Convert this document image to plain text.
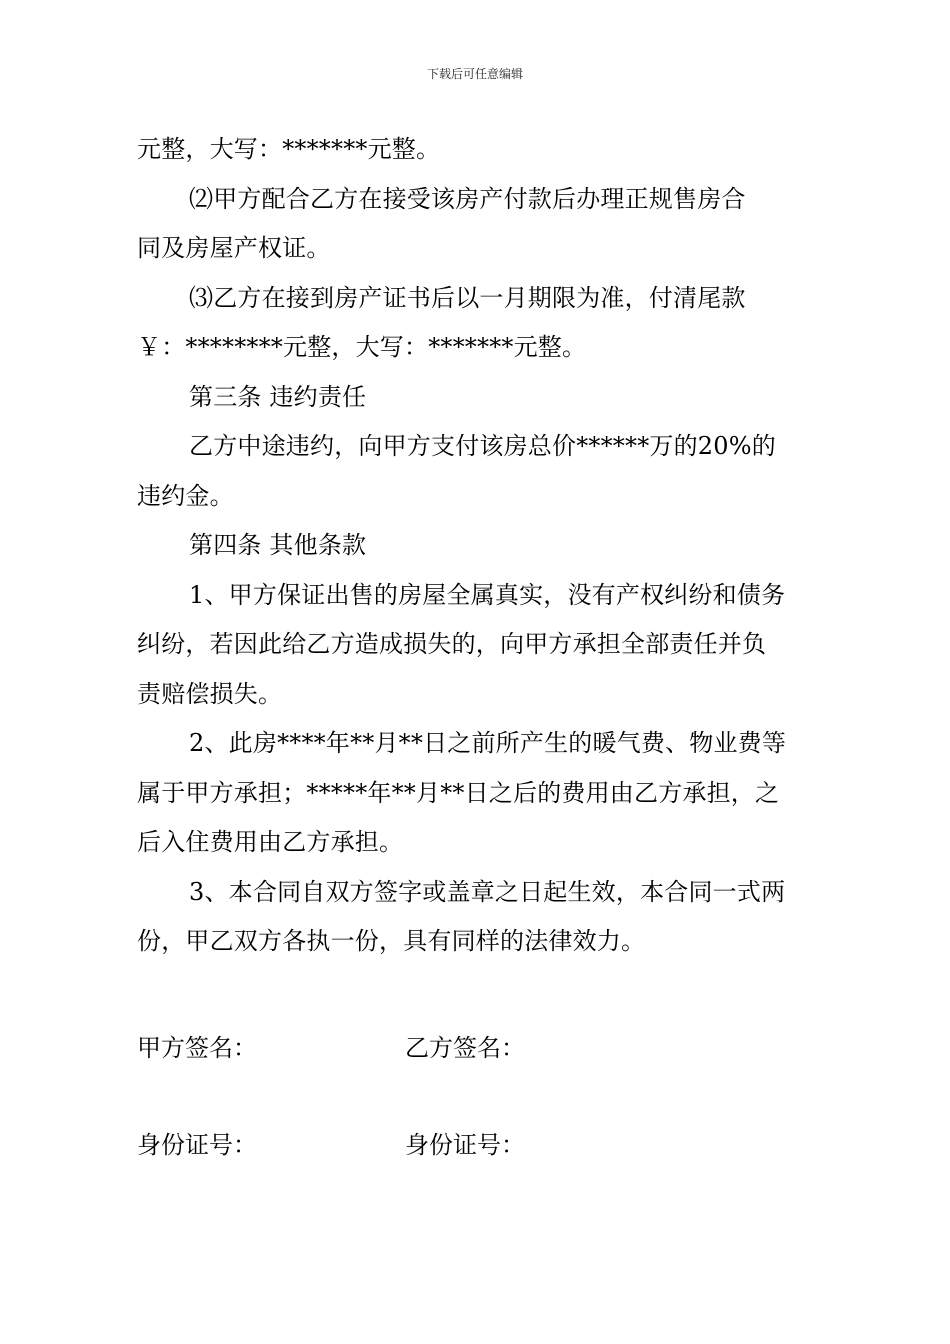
下载后可任意编辑

元整，大写：*******元整。

⑵甲方配合乙方在接受该房产付款后办理正规售房合

同及房屋产权证。

⑶乙方在接到房产证书后以一月期限为准，付清尾款

￥：********元整，大写：*******元整。

第三条 违约责任

乙方中途违约，向甲方支付该房总价******万的20%的

违约金。

第四条 其他条款

1、甲方保证出售的房屋全属真实，没有产权纠纷和债务

纠纷，若因此给乙方造成损失的，向甲方承担全部责任并负

责赔偿损失。

2、此房****年**月**日之前所产生的暖气费、物业费等

属于甲方承担；*****年**月**日之后的费用由乙方承担，之

后入住费用由乙方承担。

3、本合同自双方签字或盖章之日起生效，本合同一式两

份，甲乙双方各执一份，具有同样的法律效力。

甲方签名：	乙方签名：
身份证号：	身份证号：
